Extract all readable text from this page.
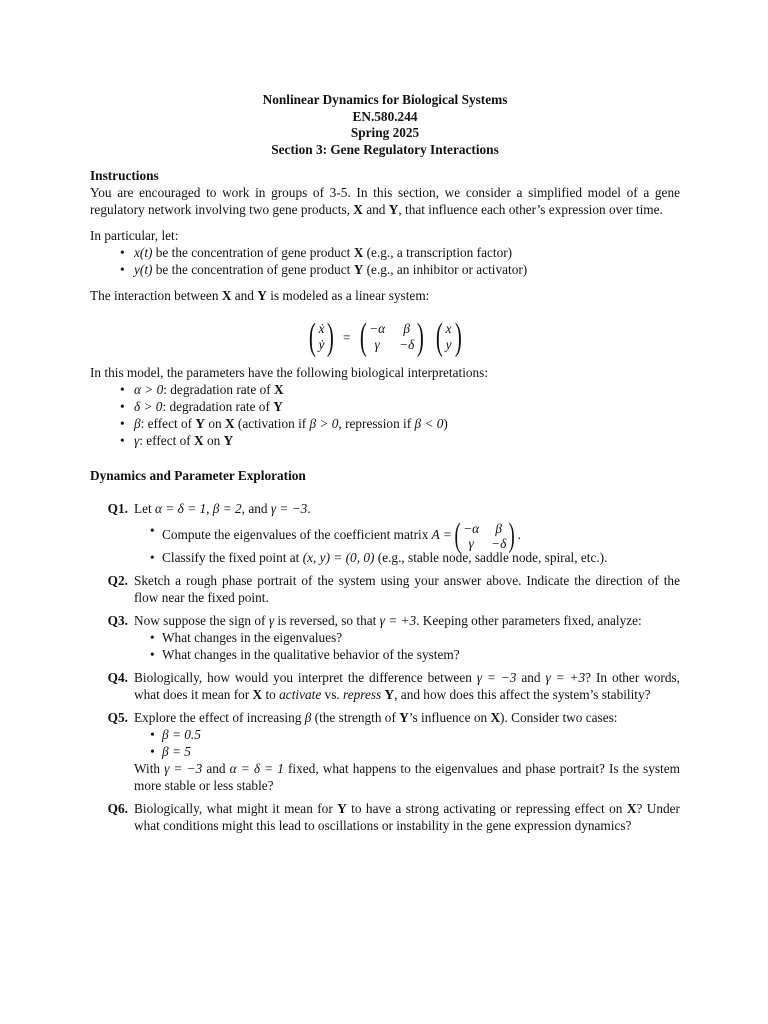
Nonlinear Dynamics for Biological Systems
EN.580.244
Spring 2025
Section 3: Gene Regulatory Interactions

Instructions

You are encouraged to work in groups of 3-5. In this section, we consider a simplified model of a gene regulatory network involving two gene products, X and Y, that influence each other’s expression over time.

In particular, let:

• x(t) be the concentration of gene product X (e.g., a transcription factor)
• y(t) be the concentration of gene product Y (e.g., an inhibitor or activator)

The interaction between X and Y is modeled as a linear system:

( ẋ
ẏ ) = ( −α	β
γ	−δ ) ( x
y )

In this model, the parameters have the following biological interpretations:

• α > 0: degradation rate of X
• δ > 0: degradation rate of Y
• β: effect of Y on X (activation if β > 0, repression if β < 0)
• γ: effect of X on Y

Dynamics and Parameter Exploration

Q1. Let α = δ = 1, β = 2, and γ = −3.
• Compute the eigenvalues of the coefficient matrix A = ( −α	β
γ	−δ ) .
• Classify the fixed point at (x, y) = (0, 0) (e.g., stable node, saddle node, spiral, etc.).
Q2. Sketch a rough phase portrait of the system using your answer above. Indicate the direction of the flow near the fixed point.
Q3. Now suppose the sign of γ is reversed, so that γ = +3. Keeping other parameters fixed, analyze:
• What changes in the eigenvalues?
• What changes in the qualitative behavior of the system?
Q4. Biologically, how would you interpret the difference between γ = −3 and γ = +3? In other words, what does it mean for X to activate vs. repress Y, and how does this affect the system’s stability?
Q5. Explore the effect of increasing β (the strength of Y’s influence on X). Consider two cases:
• β = 0.5
• β = 5
With γ = −3 and α = δ = 1 fixed, what happens to the eigenvalues and phase portrait? Is the system more stable or less stable?
Q6. Biologically, what might it mean for Y to have a strong activating or repressing effect on X? Under what conditions might this lead to oscillations or instability in the gene expression dynamics?
